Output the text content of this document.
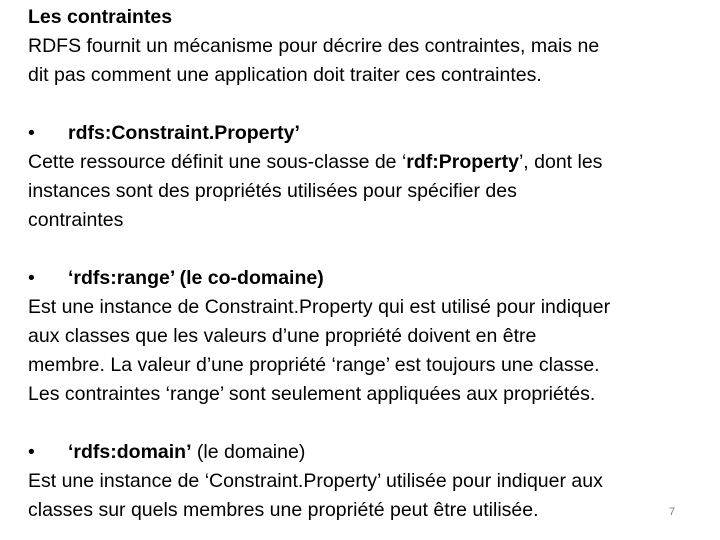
Les contraintes

RDFS fournit un mécanisme pour décrire des contraintes, mais ne

dit pas comment une application doit traiter ces contraintes.

• rdfs:Constraint.Property’

Cette ressource définit une sous-classe de ‘rdf:Property’, dont les

instances sont des propriétés utilisées pour spécifier des

contraintes

• ‘rdfs:range’ (le co-domaine)

Est une instance de Constraint.Property qui est utilisé pour indiquer

aux classes que les valeurs d’une propriété doivent en être

membre. La valeur d’une propriété ‘range’ est toujours une classe.

Les contraintes ‘range’ sont seulement appliquées aux propriétés.

• ‘rdfs:domain’ (le domaine)

Est une instance de ‘Constraint.Property’ utilisée pour indiquer aux

classes sur quels membres une propriété peut être utilisée.	7
